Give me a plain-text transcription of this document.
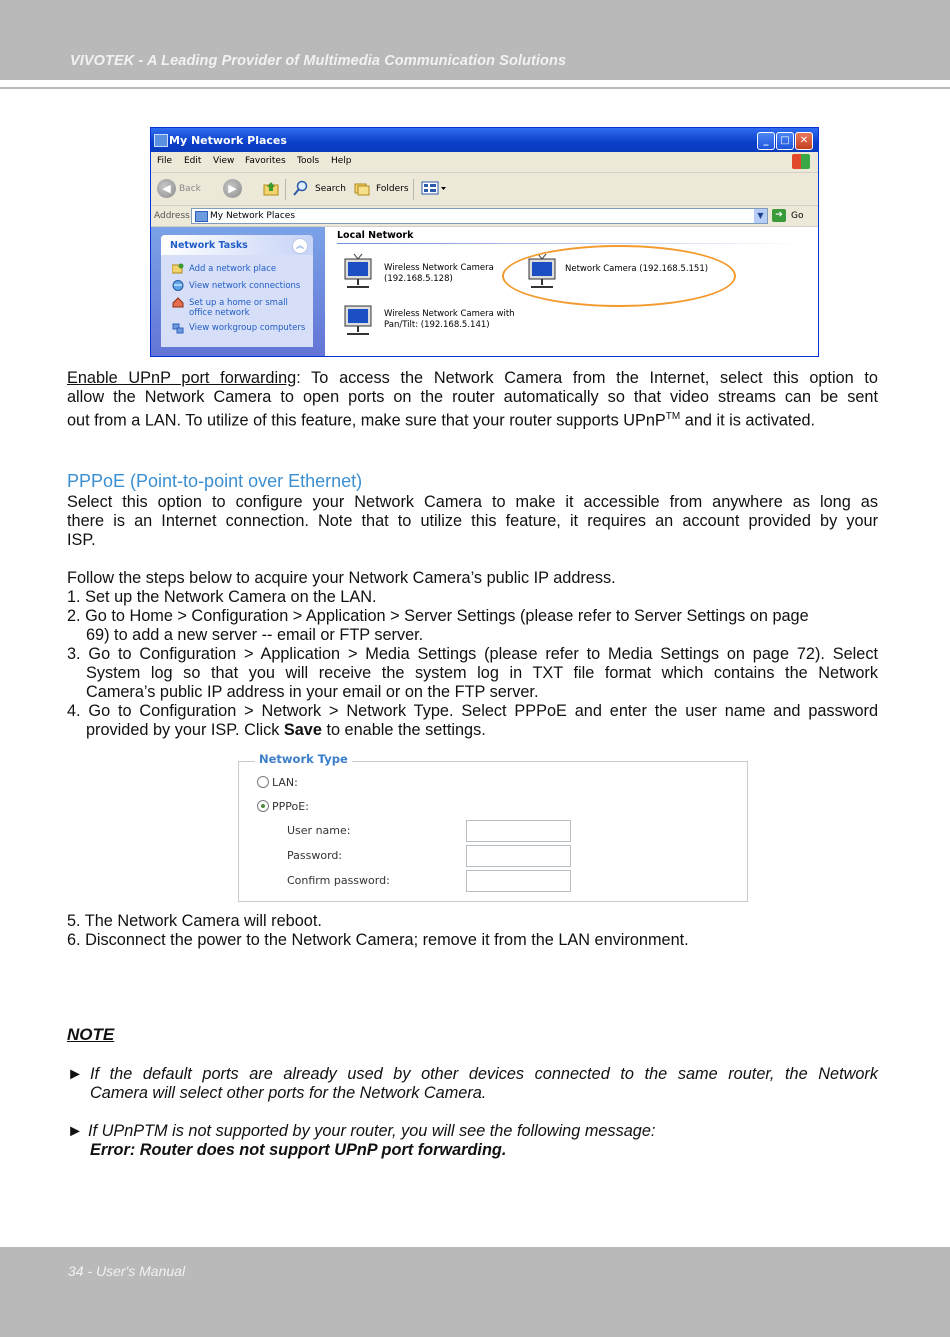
VIVOTEK - A Leading Provider of Multimedia Communication Solutions
My Network Places	_	□	✕
File Edit View Favorites Tools Help
◀ Back	▶	Search	Folders
Address My Network Places	▼	➔ Go
Network Tasks	︽
Add a network place
View network connections
Set up a home or small
office network
View workgroup computers
Local Network
Wireless Network Camera
(192.168.5.128)
Wireless Network Camera with
Pan/Tilt: (192.168.5.141)
Network Camera (192.168.5.151)
Enable UPnP port forwarding: To access the Network Camera from the Internet, select this option to
allow the Network Camera to open ports on the router automatically so that video streams can be sent
out from a LAN. To utilize of this feature, make sure that your router supports UPnP™ and it is activated.
PPPoE (Point-to-point over Ethernet)
Select this option to configure your Network Camera to make it accessible from anywhere as long as
there is an Internet connection. Note that to utilize this feature, it requires an account provided by your
ISP.
Follow the steps below to acquire your Network Camera’s public IP address.
1. Set up the Network Camera on the LAN.
2. Go to Home > Configuration > Application > Server Settings (please refer to Server Settings on page
69) to add a new server -- email or FTP server.
3. Go to Configuration > Application > Media Settings (please refer to Media Settings on page 72). Select
System log so that you will receive the system log in TXT file format which contains the Network
Camera’s public IP address in your email or on the FTP server.
4. Go to Configuration > Network > Network Type. Select PPPoE and enter the user name and password
provided by your ISP. Click Save to enable the settings.
Network Type
LAN:
PPPoE:
User name:
Password:
Confirm password:
5. The Network Camera will reboot.
6. Disconnect the power to the Network Camera; remove it from the LAN environment.
NOTE
► If the default ports are already used by other devices connected to the same router, the Network
Camera will select other ports for the Network Camera.
► If UPnPTM is not supported by your router, you will see the following message:
Error: Router does not support UPnP port forwarding.
34 - User's Manual
